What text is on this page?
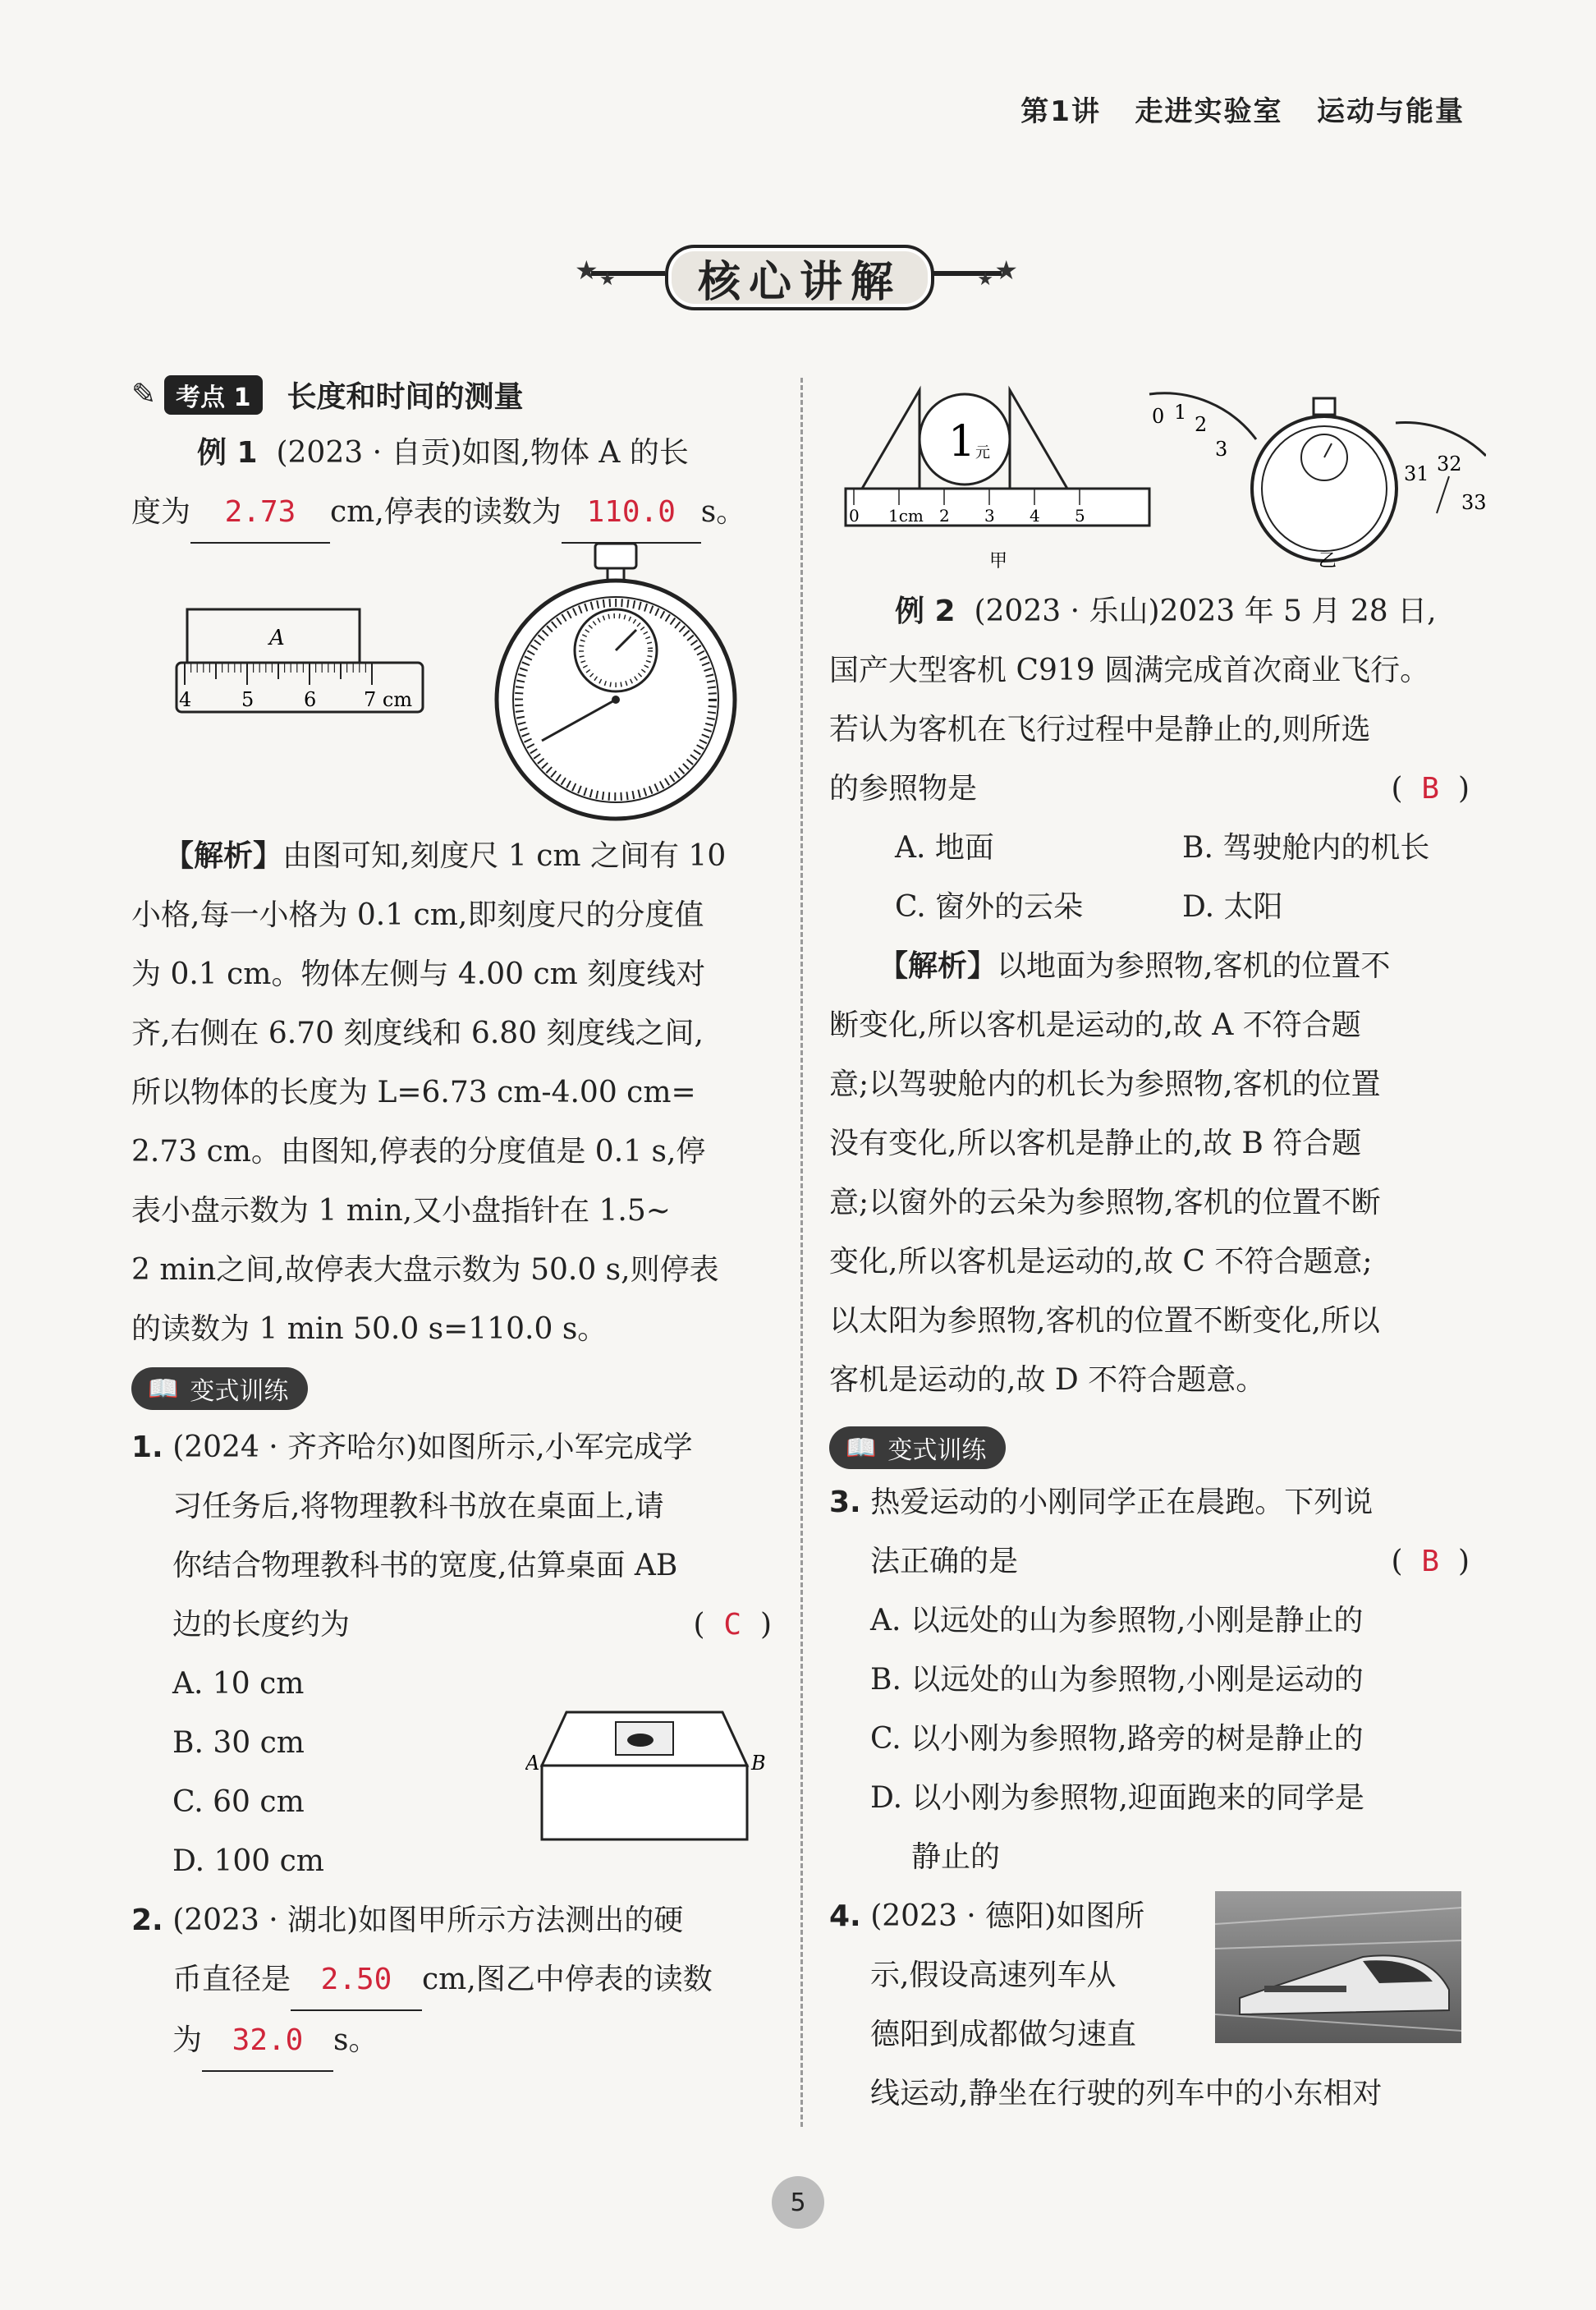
第1讲 走进实验室 运动与能量
★ ★	★
★
核心讲解
✎ 考点 1	长度和时间的测量
例 1 (2023 · 自贡)如图,物体 A 的长
度为 2.73 cm,停表的读数为 110.0 s。
A
4	5	6 7 cm
【解析】由图可知,刻度尺 1 cm 之间有 10
小格,每一小格为 0.1 cm,即刻度尺的分度值
为 0.1 cm。物体左侧与 4.00 cm 刻度线对
齐,右侧在 6.70 刻度线和 6.80 刻度线之间,
所以物体的长度为 L=6.73 cm-4.00 cm=
2.73 cm。由图知,停表的分度值是 0.1 s,停
表小盘示数为 1 min,又小盘指针在 1.5~
2 min之间,故停表大盘示数为 50.0 s,则停表
的读数为 1 min 50.0 s=110.0 s。
📖 变式训练
1. (2024 · 齐齐哈尔)如图所示,小军完成学
习任务后,将物理教科书放在桌面上,请
你结合物理教科书的宽度,估算桌面 AB
边的长度约为	(  C  )
A. 10 cm
B. 30 cm
C. 60 cm
D. 100 cm
A	B
2. (2023 · 湖北)如图甲所示方法测出的硬
币直径是 2.50 cm,图乙中停表的读数
为 32.0 s。
1 元
0 1cm 2 3 4 5
甲
0 1
2
3
31 32
33
乙
例 2 (2023 · 乐山)2023 年 5 月 28 日,
国产大型客机 C919 圆满完成首次商业飞行。
若认为客机在飞行过程中是静止的,则所选
的参照物是	(  B  )
A. 地面	B. 驾驶舱内的机长
C. 窗外的云朵	D. 太阳
【解析】以地面为参照物,客机的位置不
断变化,所以客机是运动的,故 A 不符合题
意;以驾驶舱内的机长为参照物,客机的位置
没有变化,所以客机是静止的,故 B 符合题
意;以窗外的云朵为参照物,客机的位置不断
变化,所以客机是运动的,故 C 不符合题意;
以太阳为参照物,客机的位置不断变化,所以
客机是运动的,故 D 不符合题意。
📖 变式训练
3. 热爱运动的小刚同学正在晨跑。下列说
法正确的是	(  B  )
A. 以远处的山为参照物,小刚是静止的
B. 以远处的山为参照物,小刚是运动的
C. 以小刚为参照物,路旁的树是静止的
D. 以小刚为参照物,迎面跑来的同学是
静止的
4. (2023 · 德阳)如图所
示,假设高速列车从
德阳到成都做匀速直
线运动,静坐在行驶的列车中的小东相对
5
